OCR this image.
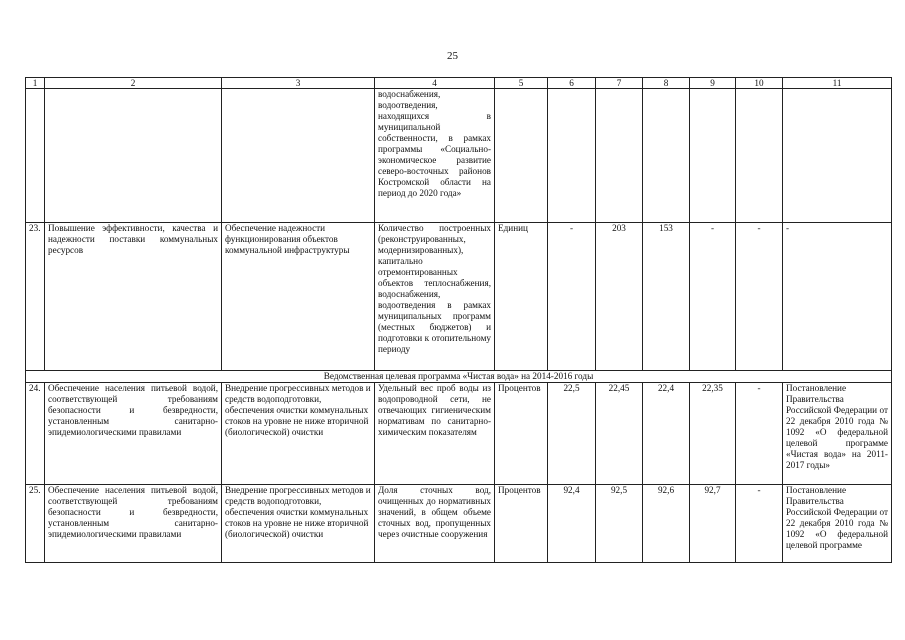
25
1	2	3	4	5	6	7	8	9	10	11
			водоснабжения, водоотведения, находящихся в муниципальной собственности, в рамках программы «Социально-экономическое развитие северо-восточных районов Костромской области на период до 2020 года»							
23.	Повышение эффективности, качества и надежности поставки коммунальных ресурсов	Обеспечение надежности функционирования объектов коммунальной инфраструктуры	Количество построенных (реконструированных, модернизированных), капитально отремонтированных объектов теплоснабжения, водоснабжения, водоотведения в рамках муниципальных программ (местных бюджетов) и подготовки к отопительному периоду	Единиц	-	203	153	-	-	-
Ведомственная целевая программа «Чистая вода» на 2014-2016 годы										
24.	Обеспечение населения питьевой водой, соответствующей требованиям безопасности и безвредности, установленным санитарно-эпидемиологическими правилами	Внедрение прогрессивных методов и средств водоподготовки, обеспечения очистки коммунальных стоков на уровне не ниже вторичной (биологической) очистки	Удельный вес проб воды из водопроводной сети, не отвечающих гигиеническим нормативам по санитарно-химическим показателям	Процентов	22,5	22,45	22,4	22,35	-	Постановление Правительства Российской Федерации от 22 декабря 2010 года № 1092 «О федеральной целевой программе «Чистая вода» на 2011-2017 годы»
25.	Обеспечение населения питьевой водой, соответствующей требованиям безопасности и безвредности, установленным санитарно-эпидемиологическими правилами	Внедрение прогрессивных методов и средств водоподготовки, обеспечения очистки коммунальных стоков на уровне не ниже вторичной (биологической) очистки	Доля сточных вод, очищенных до нормативных значений, в общем объеме сточных вод, пропущенных через очистные сооружения	Процентов	92,4	92,5	92,6	92,7	-	Постановление Правительства Российской Федерации от 22 декабря 2010 года № 1092 «О федеральной целевой программе
